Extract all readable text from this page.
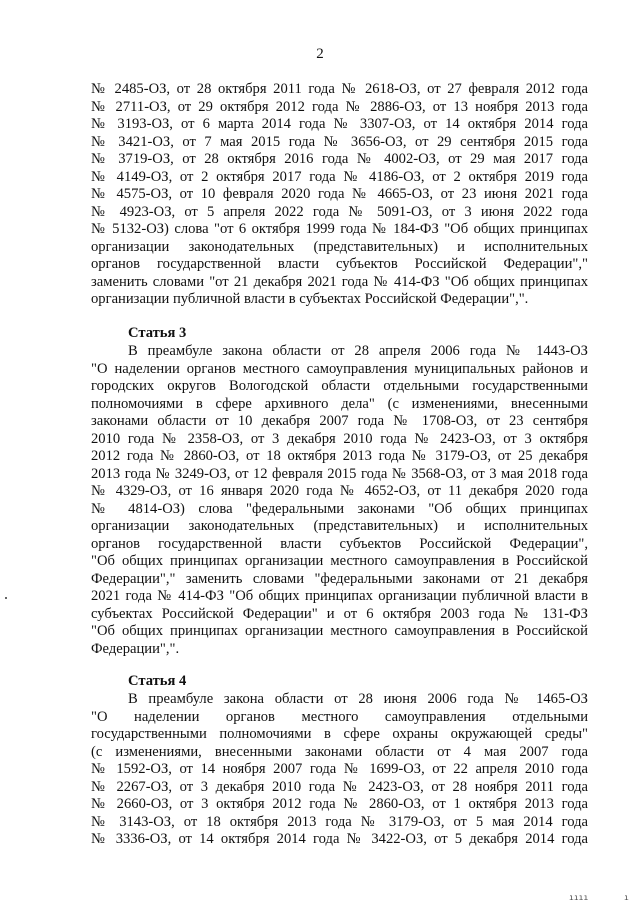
2
№ 2485-ОЗ, от 28 октября 2011 года № 2618-ОЗ, от 27 февраля 2012 года
№ 2711-ОЗ, от 29 октября 2012 года № 2886-ОЗ, от 13 ноября 2013 года
№ 3193-ОЗ, от 6 марта 2014 года № 3307-ОЗ, от 14 октября 2014 года
№ 3421-ОЗ, от 7 мая 2015 года № 3656-ОЗ, от 29 сентября 2015 года
№ 3719-ОЗ, от 28 октября 2016 года № 4002-ОЗ, от 29 мая 2017 года
№ 4149-ОЗ, от 2 октября 2017 года № 4186-ОЗ, от 2 октября 2019 года
№ 4575-ОЗ, от 10 февраля 2020 года № 4665-ОЗ, от 23 июня 2021 года
№ 4923-ОЗ, от 5 апреля 2022 года № 5091-ОЗ, от 3 июня 2022 года
№ 5132-ОЗ) слова "от 6 октября 1999 года № 184-ФЗ "Об общих принципах
организации законодательных (представительных) и исполнительных
органов государственной власти субъектов Российской Федерации","
заменить словами "от 21 декабря 2021 года № 414-ФЗ "Об общих принципах
организации публичной власти в субъектах Российской Федерации",".
Статья 3
В преамбуле закона области от 28 апреля 2006 года № 1443-ОЗ
"О наделении органов местного самоуправления муниципальных районов и
городских округов Вологодской области отдельными государственными
полномочиями в сфере архивного дела" (с изменениями, внесенными
законами области от 10 декабря 2007 года № 1708-ОЗ, от 23 сентября
2010 года № 2358-ОЗ, от 3 декабря 2010 года № 2423-ОЗ, от 3 октября
2012 года № 2860-ОЗ, от 18 октября 2013 года № 3179-ОЗ, от 25 декабря
2013 года № 3249-ОЗ, от 12 февраля 2015 года № 3568-ОЗ, от 3 мая 2018 года
№ 4329-ОЗ, от 16 января 2020 года № 4652-ОЗ, от 11 декабря 2020 года
№ 4814-ОЗ) слова "федеральными законами "Об общих принципах
организации законодательных (представительных) и исполнительных
органов государственной власти субъектов Российской Федерации",
"Об общих принципах организации местного самоуправления в Российской
Федерации"," заменить словами "федеральными законами от 21 декабря
2021 года № 414-ФЗ "Об общих принципах организации публичной власти в
субъектах Российской Федерации" и от 6 октября 2003 года № 131-ФЗ
"Об общих принципах организации местного самоуправления в Российской
Федерации",".
Статья 4
В преамбуле закона области от 28 июня 2006 года № 1465-ОЗ
"О наделении органов местного самоуправления отдельными
государственными полномочиями в сфере охраны окружающей среды"
(с изменениями, внесенными законами области от 4 мая 2007 года
№ 1592-ОЗ, от 14 ноября 2007 года № 1699-ОЗ, от 22 апреля 2010 года
№ 2267-ОЗ, от 3 декабря 2010 года № 2423-ОЗ, от 28 ноября 2011 года
№ 2660-ОЗ, от 3 октября 2012 года № 2860-ОЗ, от 1 октября 2013 года
№ 3143-ОЗ, от 18 октября 2013 года № 3179-ОЗ, от 5 мая 2014 года
№ 3336-ОЗ, от 14 октября 2014 года № 3422-ОЗ, от 5 декабря 2014 года
ıııı	ı
